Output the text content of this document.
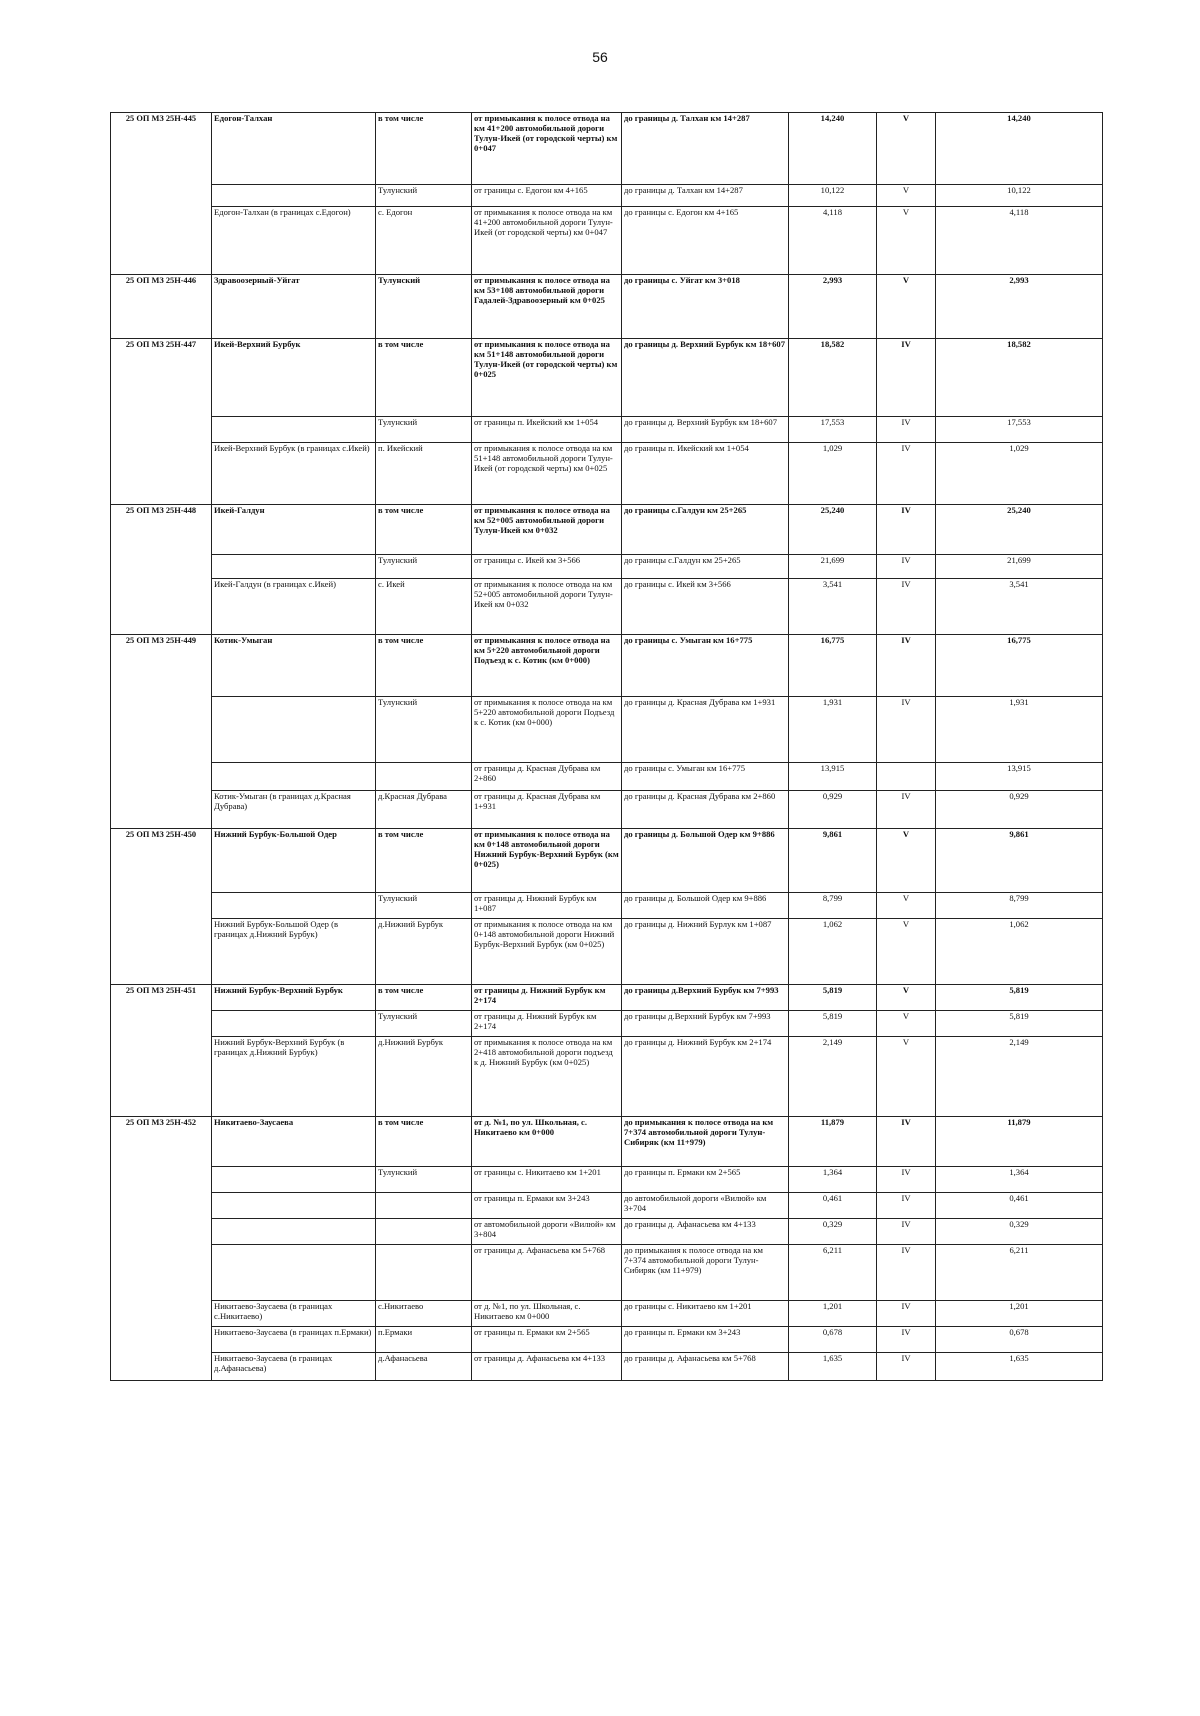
56
25 ОП МЗ 25Н-445	Едогон-Талхан	в том числе	от примыкания к полосе отвода на км 41+200 автомобильной дороги Тулун-Икей (от городской черты) км 0+047	до границы д. Талхан км 14+287	14,240	V	14,240
		Тулунский	от границы с. Едогон км 4+165	до границы д. Талхан км 14+287	10,122	V	10,122
	Едогон-Талхан (в границах с.Едогон)	с. Едогон	от примыкания к полосе отвода на км 41+200 автомобильной дороги Тулун-Икей (от городской черты) км 0+047	до границы с. Едогон км 4+165	4,118	V	4,118
25 ОП МЗ 25Н-446	Здравоозерный-Уйгат	Тулунский	от примыкания к полосе отвода на км 53+108 автомобильной дороги Гадалей-Здравоозерный км 0+025	до границы с. Уйгат км 3+018	2,993	V	2,993
25 ОП МЗ 25Н-447	Икей-Верхний Бурбук	в том числе	от примыкания к полосе отвода на км 51+148 автомобильной дороги Тулун-Икей (от городской черты) км 0+025	до границы д. Верхний Бурбук км 18+607	18,582	IV	18,582
		Тулунский	от границы п. Икейский км 1+054	до границы д. Верхний Бурбук км 18+607	17,553	IV	17,553
	Икей-Верхний Бурбук (в границах с.Икей)	п. Икейский	от примыкания к полосе отвода на км 51+148 автомобильной дороги Тулун-Икей (от городской черты) км 0+025	до границы п. Икейский км 1+054	1,029	IV	1,029
25 ОП МЗ 25Н-448	Икей-Галдун	в том числе	от примыкания к полосе отвода на км 52+005 автомобильной дороги Тулун-Икей км 0+032	до границы с.Галдун км 25+265	25,240	IV	25,240
		Тулунский	от границы с. Икей км 3+566	до границы с.Галдун км 25+265	21,699	IV	21,699
	Икей-Галдун (в границах с.Икей)	с. Икей	от примыкания к полосе отвода на км 52+005 автомобильной дороги Тулун-Икей км 0+032	до границы с. Икей км 3+566	3,541	IV	3,541
25 ОП МЗ 25Н-449	Котик-Умыган	в том числе	от примыкания к полосе отвода на км 5+220 автомобильной дороги Подъезд к с. Котик (км 0+000)	до границы с. Умыган км 16+775	16,775	IV	16,775
		Тулунский	от примыкания к полосе отвода на км 5+220 автомобильной дороги Подъезд к с. Котик (км 0+000)	до границы д. Красная Дубрава км 1+931	1,931	IV	1,931
			от границы д. Красная Дубрава км 2+860	до границы с. Умыган км 16+775	13,915		13,915
	Котик-Умыган (в границах д.Красная Дубрава)	д.Красная Дубрава	от границы д. Красная Дубрава км 1+931	до границы д. Красная Дубрава км 2+860	0,929	IV	0,929
25 ОП МЗ 25Н-450	Нижний Бурбук-Большой Одер	в том числе	от примыкания к полосе отвода на км 0+148 автомобильной дороги Нижний Бурбук-Верхний Бурбук (км 0+025)	до границы д. Большой Одер км 9+886	9,861	V	9,861
		Тулунский	от границы д. Нижний Бурбук км 1+087	до границы д. Большой Одер км 9+886	8,799	V	8,799
	Нижний Бурбук-Большой Одер (в границах д.Нижний Бурбук)	д.Нижний Бурбук	от примыкания к полосе отвода на км 0+148 автомобильной дороги Нижний Бурбук-Верхний Бурбук (км 0+025)	до границы д. Нижний Бурлук км 1+087	1,062	V	1,062
25 ОП МЗ 25Н-451	Нижний Бурбук-Верхний Бурбук	в том числе	от границы д. Нижний Бурбук км 2+174	до границы д.Верхний Бурбук км 7+993	5,819	V	5,819
		Тулунский	от границы д. Нижний Бурбук км 2+174	до границы д.Верхний Бурбук км 7+993	5,819	V	5,819
	Нижний Бурбук-Верхний Бурбук (в границах д.Нижний Бурбук)	д.Нижний Бурбук	от примыкания к полосе отвода на км 2+418 автомобильной дороги подъезд к д. Нижний Бурбук (км 0+025)	до границы д. Нижний Бурбук км 2+174	2,149	V	2,149
25 ОП МЗ 25Н-452	Никитаево-Заусаева	в том числе	от д. №1, по ул. Школьная, с. Никитаево км 0+000	до примыкания к полосе отвода на км 7+374 автомобильной дороги Тулун-Сибиряк (км 11+979)	11,879	IV	11,879
		Тулунский	от границы с. Никитаево км 1+201	до границы п. Ермаки км 2+565	1,364	IV	1,364
			от границы п. Ермаки км 3+243	до автомобильной дороги «Вилюй» км 3+704	0,461	IV	0,461
			от автомобильной дороги «Вилюй» км 3+804	до границы д. Афанасьева км 4+133	0,329	IV	0,329
			от границы д. Афанасьева км 5+768	до примыкания к полосе отвода на км 7+374 автомобильной дороги Тулун-Сибиряк (км 11+979)	6,211	IV	6,211
	Никитаево-Заусаева (в границах с.Никитаево)	с.Никитаево	от д. №1, по ул. Школьная, с. Никитаево км 0+000	до границы с. Никитаево км 1+201	1,201	IV	1,201
	Никитаево-Заусаева (в границах п.Ермаки)	п.Ермаки	от границы п. Ермаки км 2+565	до границы п. Ермаки км 3+243	0,678	IV	0,678
	Никитаево-Заусаева (в границах д.Афанасьева)	д.Афанасьева	от границы д. Афанасьева км 4+133	до границы д. Афанасьева км 5+768	1,635	IV	1,635
